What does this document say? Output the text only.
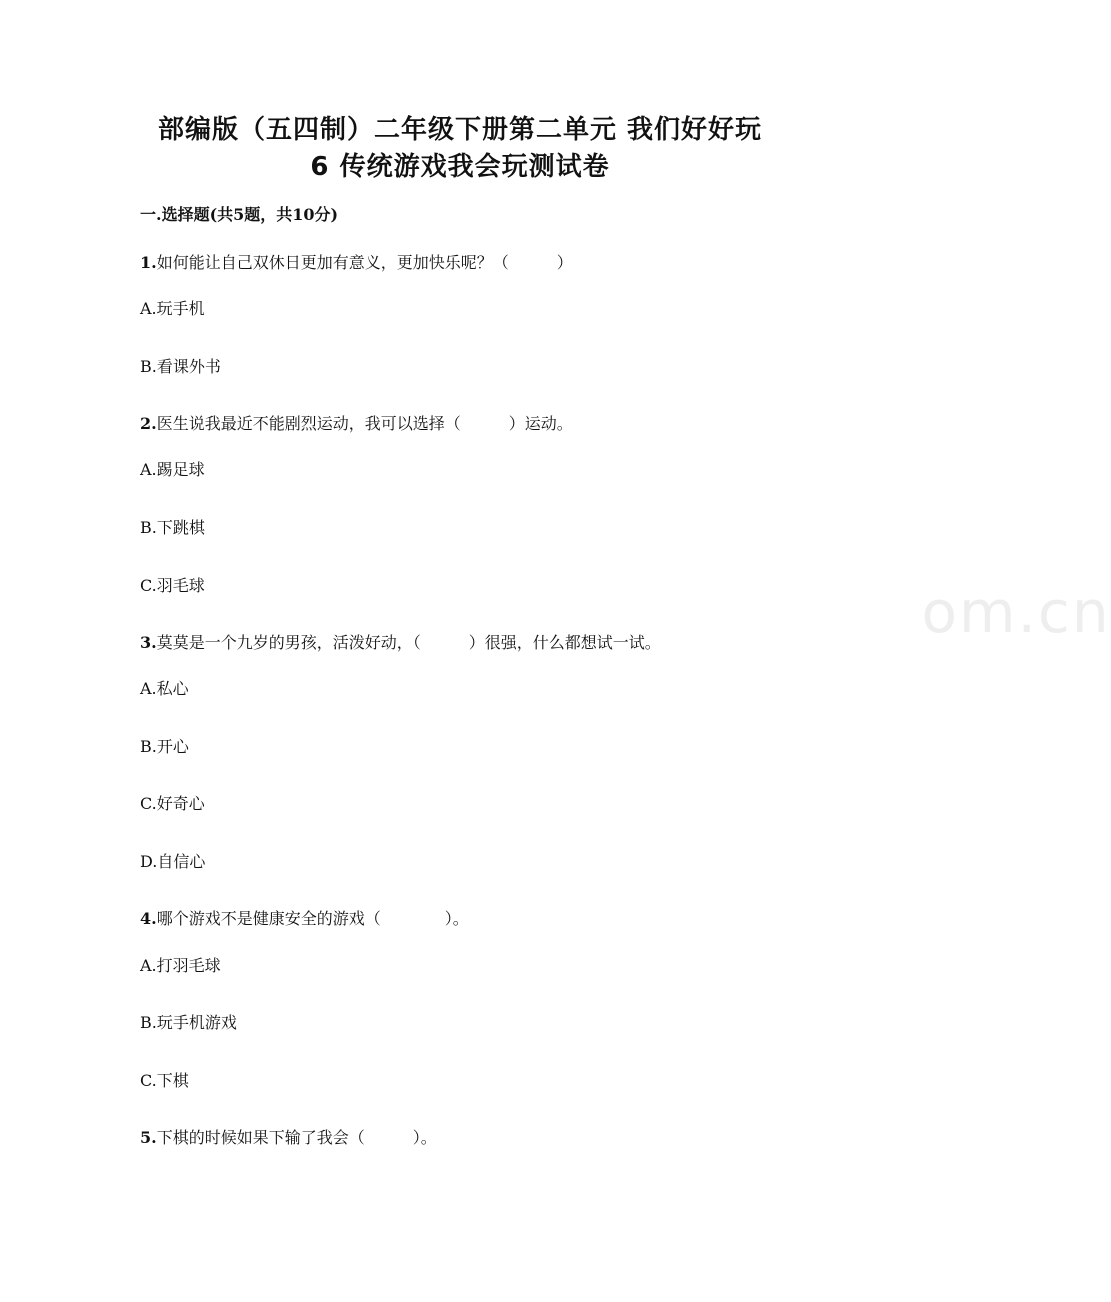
www.zixin.com.cn
部编版（五四制）二年级下册第二单元 我们好好玩
6 传统游戏我会玩测试卷
一.选择题(共5题，共10分)
1.如何能让自己双休日更加有意义，更加快乐呢？（　　　）
A.玩手机
B.看课外书
2.医生说我最近不能剧烈运动，我可以选择（　　　）运动。
A.踢足球
B.下跳棋
C.羽毛球
3.莫莫是一个九岁的男孩，活泼好动，（　　　）很强，什么都想试一试。
A.私心
B.开心
C.好奇心
D.自信心
4.哪个游戏不是健康安全的游戏（　　　　）。
A.打羽毛球
B.玩手机游戏
C.下棋
5.下棋的时候如果下输了我会（　　　）。
